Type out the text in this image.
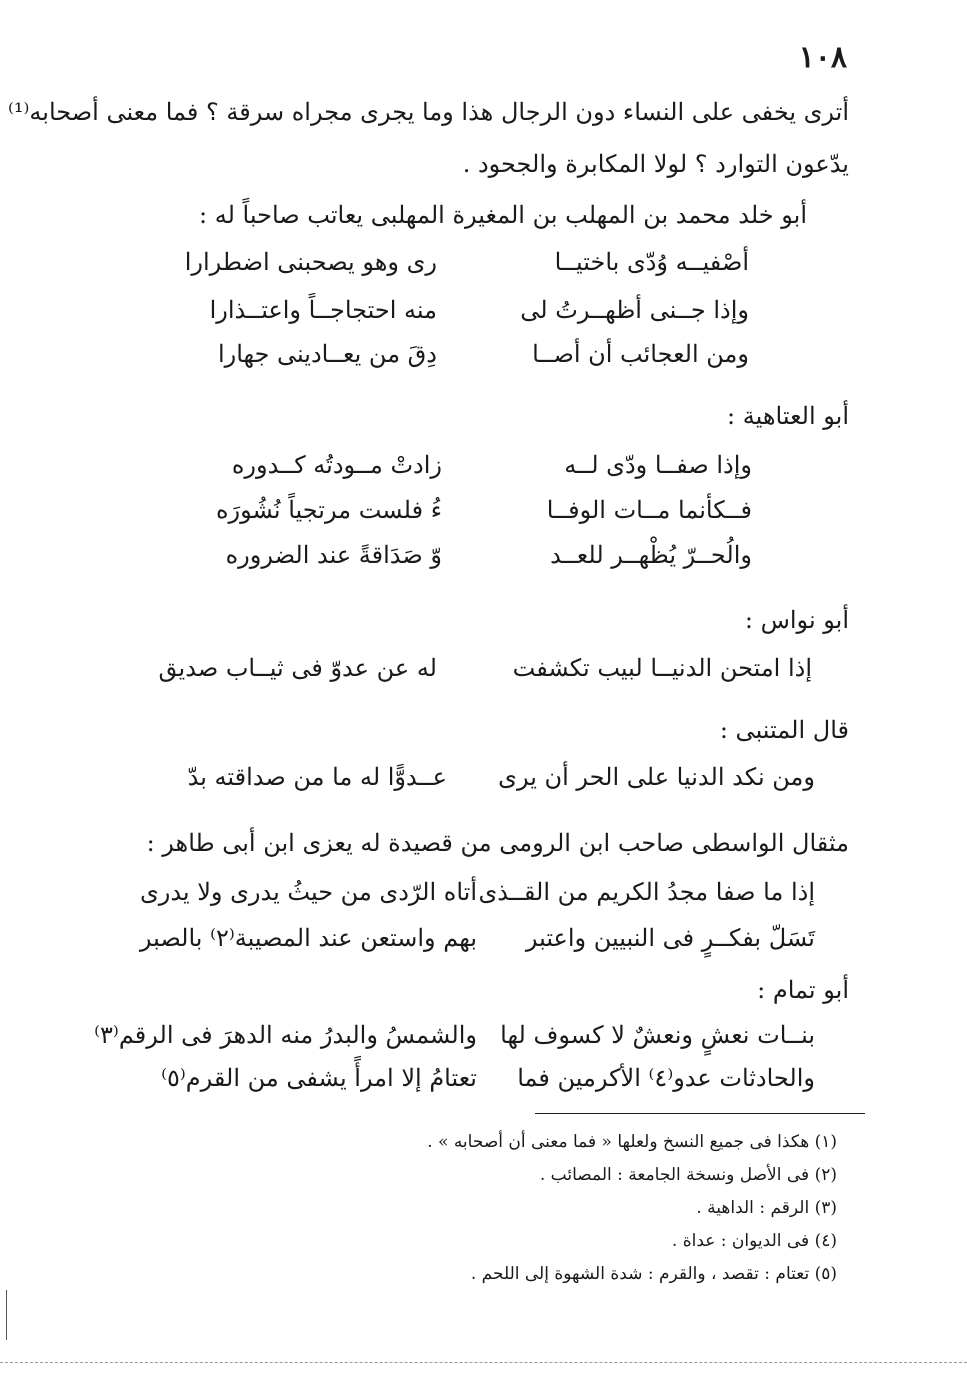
١٠٨
أترى يخفى على النساء دون الرجال هذا وما يجرى مجراه سرقة ؟ فما معنى أصحابه⁽¹⁾
يدّعون التوارد ؟ لولا المكابرة والجحود .
أبو خلد محمد بن المهلب بن المغيرة المهلبى يعاتب صاحباً له :
أصْفيــه وُدّى باختيــا
رى وهو يصحبنى اضطرارا
وإذا جــنى أظهــرتُ لى
منه احتجاجــاً واعتــذارا
ومن العجائب أن أصــا
دِقَ من يعــادينى جهارا
أبو العتاهية :
وإذا صفــا ودّى لــه
زادتْ مــودتُه كــدوره
فــكأنما مــات الوفــا
ءُ فلست مرتجياً نُشُورَه
والُحــرّ يُظْهــر للعــد
وّ صَدَاقةً عند الضروره
أبو نواس :
إذا امتحن الدنيــا لبيب تكشفت
له عن عدوّ فى ثيــاب صديق
قال المتنبى :
ومن نكد الدنيا على الحر أن يرى
عــدوًّا له ما من صداقته بدّ
مثقال الواسطى صاحب ابن الرومى من قصيدة له يعزى ابن أبى طاهر :
إذا ما صفا مجدُ الكريم من القــذى
أتاه الرّدى من حيثُ يدرى ولا يدرى
تَسَلّ بفكــرٍ فى النبيين واعتبر
بهم واستعن عند المصيبة⁽٢⁾ بالصبر
أبو تمام :
بنــات نعشٍ ونعشٌ لا كسوف لها
والشمسُ والبدرُ منه الدهرَ فى الرقم⁽٣⁾
والحادثات عدو⁽٤⁾ الأكرمين فما
تعتامُ إلا امرأً يشفى من القرم⁽٥⁾
(١) هكذا فى جميع النسخ ولعلها « فما معنى أن أصحابه » .
(٢) فى الأصل ونسخة الجامعة : المصائب .
(٣) الرقم : الداهية .
(٤) فى الديوان : عداة .
(٥) تعتام : تقصد ، والقرم : شدة الشهوة إلى اللحم .
